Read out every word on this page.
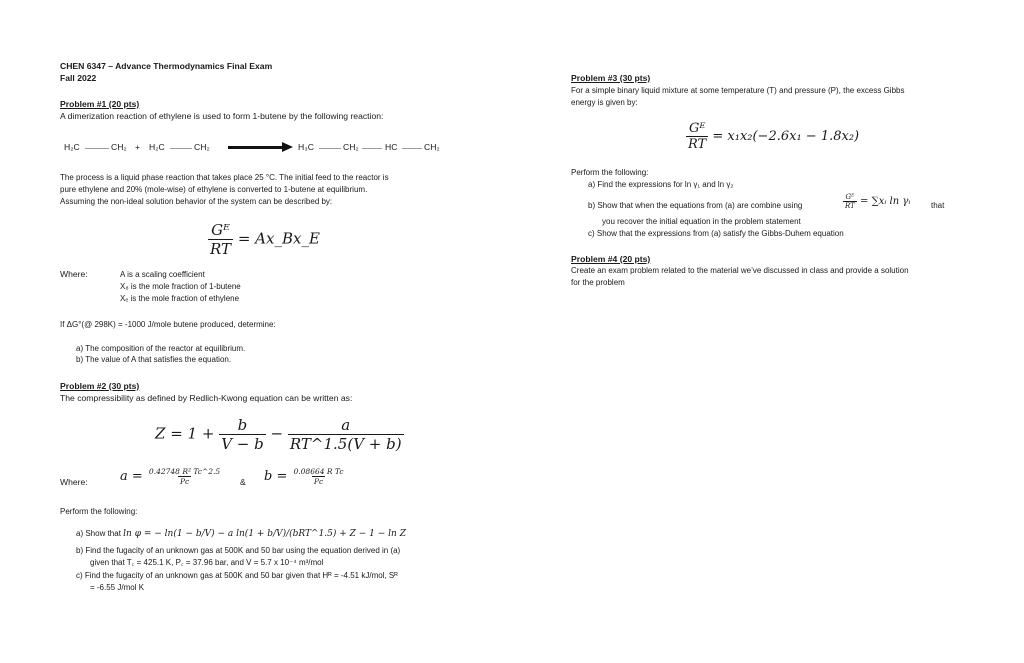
CHEN 6347 – Advance Thermodynamics Final Exam
Fall 2022
Problem #1 (20 pts)
A dimerization reaction of ethylene is used to form 1-butene by the following reaction:
H₂C	CH₂ + H₂C	CH₂	H₃C	CH₂	HC	CH₂
The process is a liquid phase reaction that takes place 25 °C. The initial feed to the reactor is
pure ethylene and 20% (mole-wise) of ethylene is converted to 1-butene at equilibrium.
Assuming the non-ideal solution behavior of the system can be described by:
$\frac{\text{Gᴱ}}{RT}$ = Ax_Bx_E
Where:	A is a scaling coefficient
X₈ is the mole fraction of 1-butene
Xₑ is the mole fraction of ethylene
If ΔG°(@ 298K) = -1000 J/mole butene produced, determine:
a) The composition of the reactor at equilibrium.
b) The value of A that satisfies the equation.
Problem #2 (30 pts)
The compressibility as defined by Redlich-Kwong equation can be written as:
$Z = 1 + \frac{b}{V - b} - \frac{a}{RT\^{}1.5(V + b)}$
Where: $a = \frac{\text{0.42748 R² Tc\textasciicircum{}2.5}}{Pc}$ & $b = \frac{\text{0.08664 R Tc}}{Pc}$
Perform the following:
a) Show that ln φ = − ln(1 − b/V) − a ln(1 + b/V)/(bRT^1.5) + Z − 1 − ln Z
b) Find the fugacity of an unknown gas at 500K and 50 bar using the equation derived in (a)
given that T꜀ = 425.1 K, P꜀ = 37.96 bar, and V = 5.7 x 10⁻⁴ m³/mol
c) Find the fugacity of an unknown gas at 500K and 50 bar given that Hᴿ = -4.51 kJ/mol, Sᴿ
= -6.55 J/mol K
Problem #3 (30 pts)
For a simple binary liquid mixture at some temperature (T) and pressure (P), the excess Gibbs
energy is given by:
$\frac{\text{Gᴱ}}{RT} = x_1x_2(-2.6x_1 - 1.8x_2)$
Perform the following:
a) Find the expressions for ln γ₁ and ln γ₂
b) Show that when the equations from (a) are combine using	$\frac{\text{Gᴱ}}{RT}$ = ∑xᵢ ln γᵢ	that
you recover the initial equation in the problem statement
c) Show that the expressions from (a) satisfy the Gibbs-Duhem equation
Problem #4 (20 pts)
Create an exam problem related to the material we’ve discussed in class and provide a solution
for the problem
